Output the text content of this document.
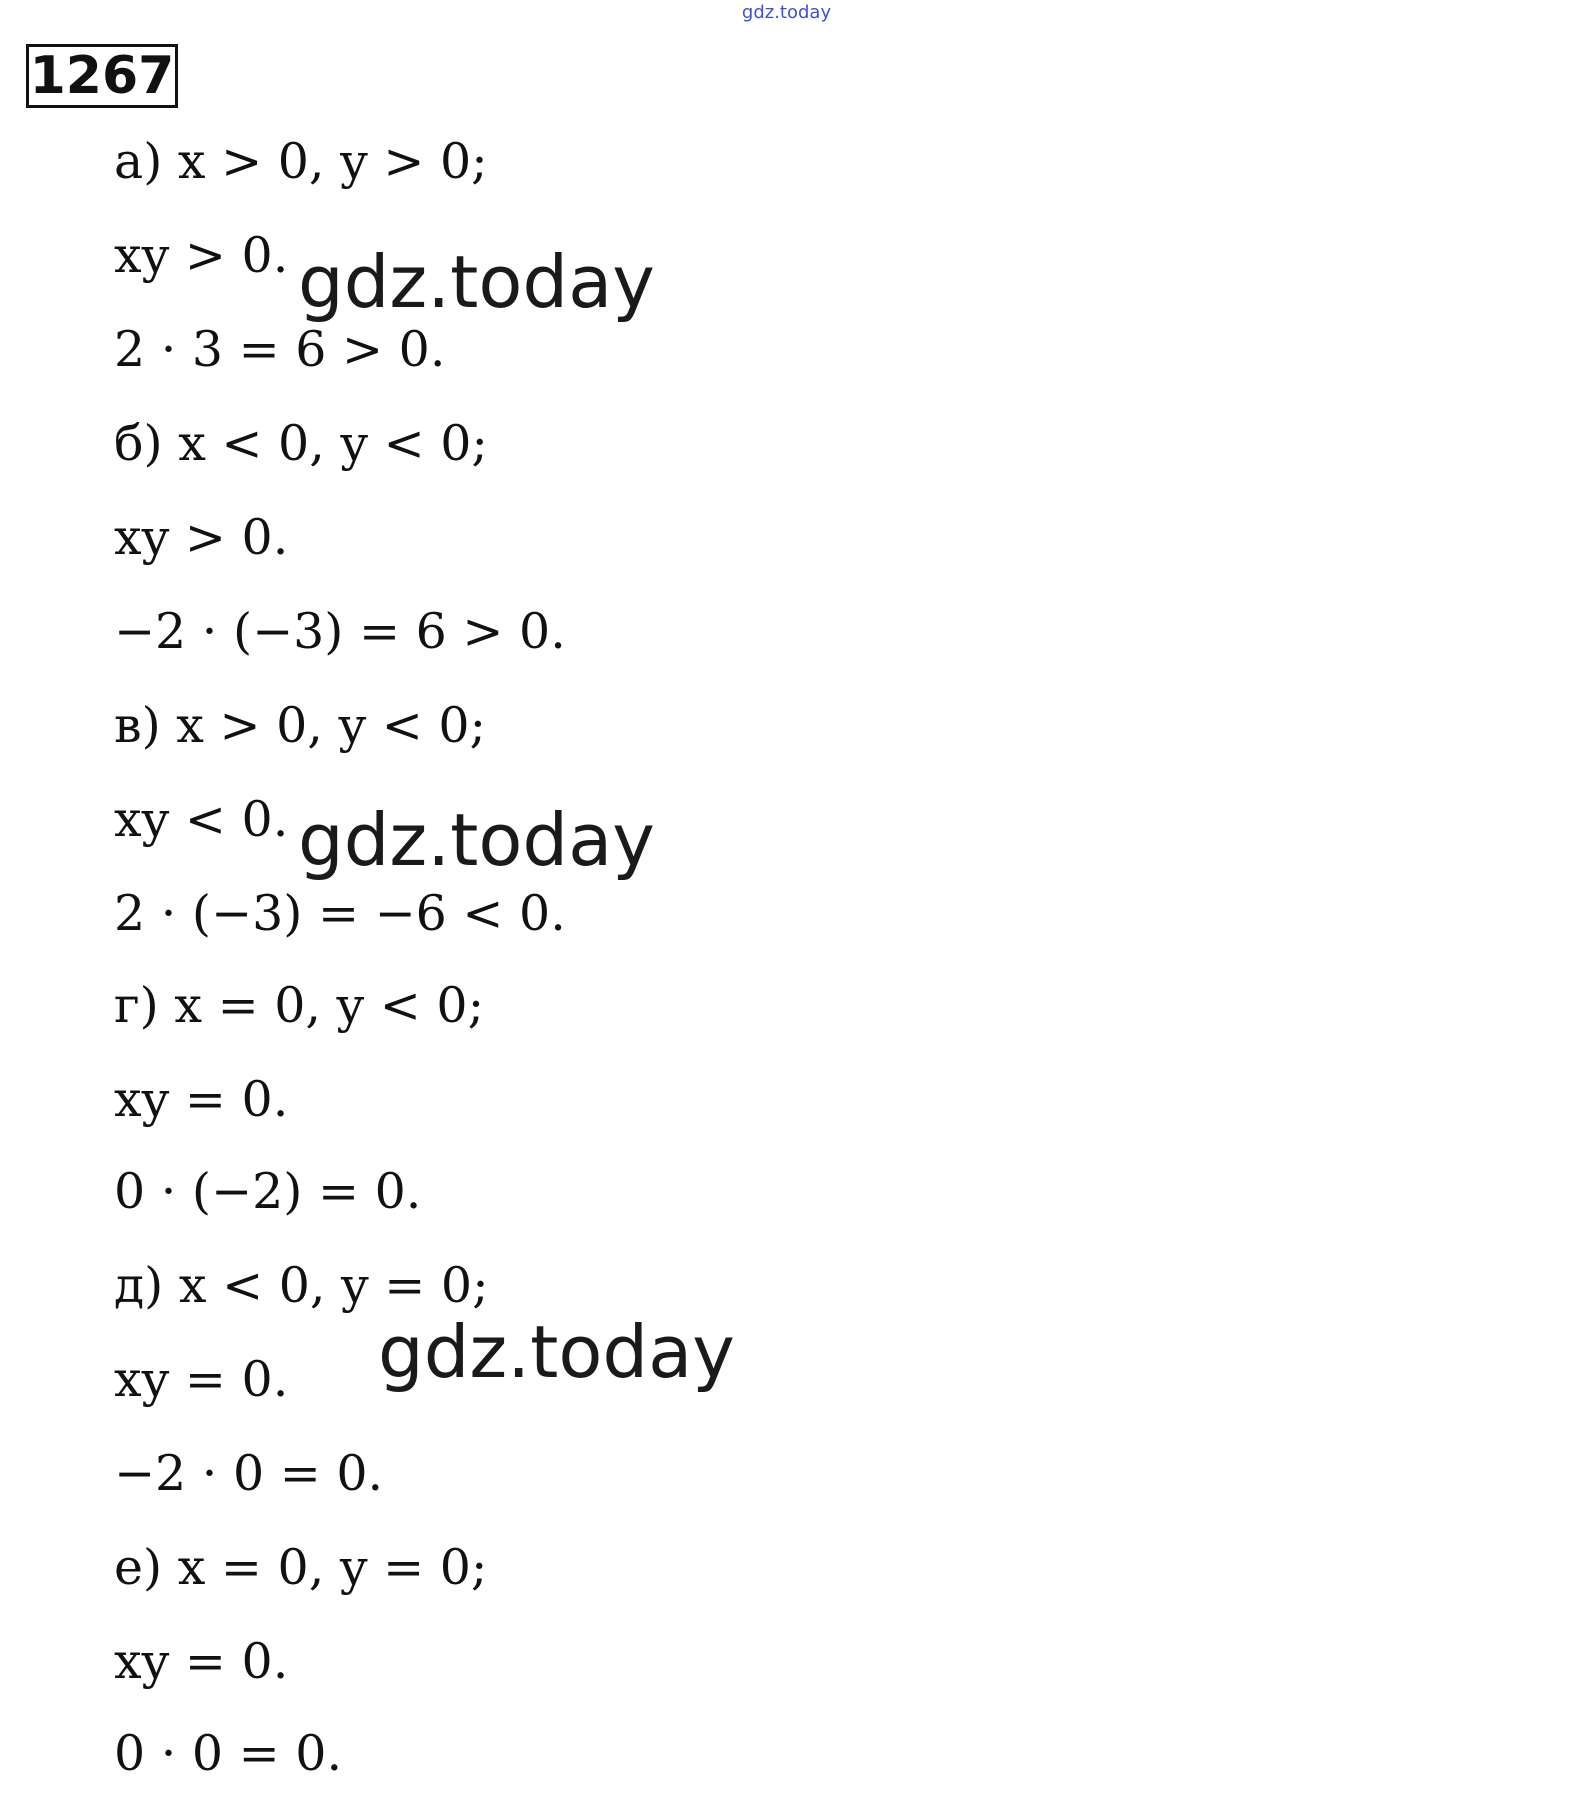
gdz.today
1267
а) x > 0, y > 0;
xy > 0.
2 · 3 = 6 > 0.
б) x < 0, y < 0;
xy > 0.
−2 · (−3) = 6 > 0.
в) x > 0, y < 0;
xy < 0.
2 · (−3) = −6 < 0.
г) x = 0, y < 0;
xy = 0.
0 · (−2) = 0.
д) x < 0, y = 0;
xy = 0.
−2 · 0 = 0.
е) x = 0, y = 0;
xy = 0.
0 · 0 = 0.
gdz.today
gdz.today
gdz.today
